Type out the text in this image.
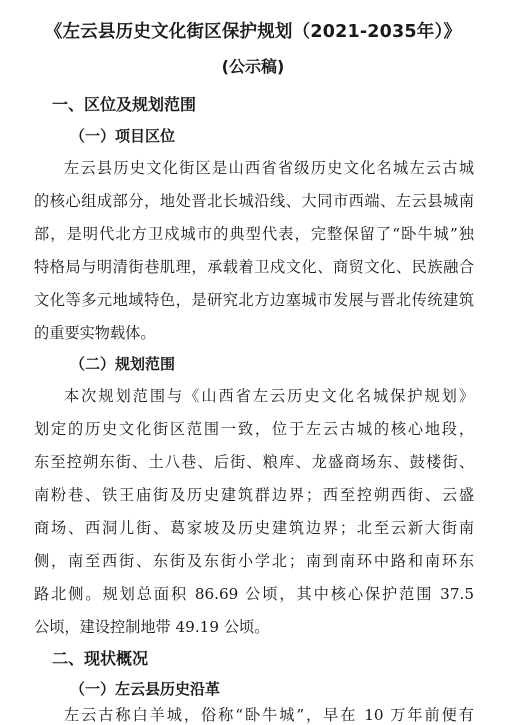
《左云县历史文化街区保护规划（2021-2035年）》
(公示稿)
一、区位及规划范围
（一）项目区位
左云县历史文化街区是山西省省级历史文化名城左云古城
的核心组成部分，地处晋北长城沿线、大同市西端、左云县城南
部，是明代北方卫戍城市的典型代表，完整保留了“卧牛城”独
特格局与明清街巷肌理，承载着卫戍文化、商贸文化、民族融合
文化等多元地域特色，是研究北方边塞城市发展与晋北传统建筑
的重要实物载体。
（二）规划范围
本次规划范围与《山西省左云历史文化名城保护规划》
划定的历史文化街区范围一致，位于左云古城的核心地段，
东至控朔东街、土八巷、后街、粮库、龙盛商场东、鼓楼街、
南粉巷、铁王庙街及历史建筑群边界；西至控朔西街、云盛
商场、西洞儿街、葛家坡及历史建筑边界；北至云新大街南
侧，南至西街、东街及东街小学北；南到南环中路和南环东
路北侧。规划总面积 86.69 公顷，其中核心保护范围 37.5
公顷，建设控制地带 49.19 公顷。
二、现状概况
（一）左云县历史沿革
左云古称白羊城，俗称“卧牛城”，早在 10 万年前便有
